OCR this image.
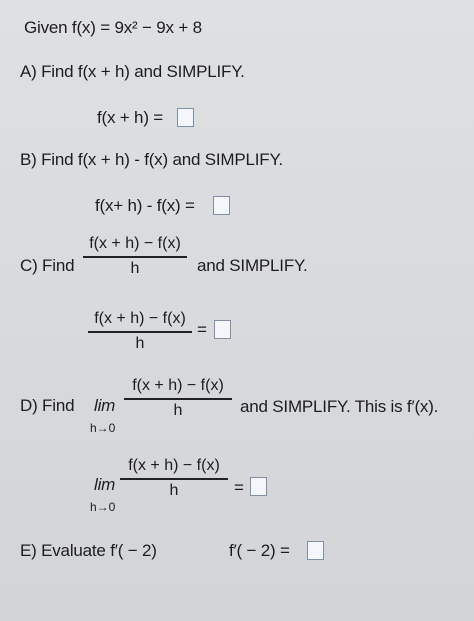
Given f(x) = 9x² − 9x + 8
A) Find f(x + h) and SIMPLIFY.
f(x + h) =
B) Find f(x + h) - f(x) and SIMPLIFY.
f(x+ h) - f(x) =
C) Find
f(x + h) − f(x)
h	and SIMPLIFY.
f(x + h) − f(x)
h
=
D) Find lim
h→0
f(x + h) − f(x)
h	and SIMPLIFY. This is f′(x).
lim
h→0
f(x + h) − f(x)
h	=
E) Evaluate f′( − 2)	f′( − 2) =
